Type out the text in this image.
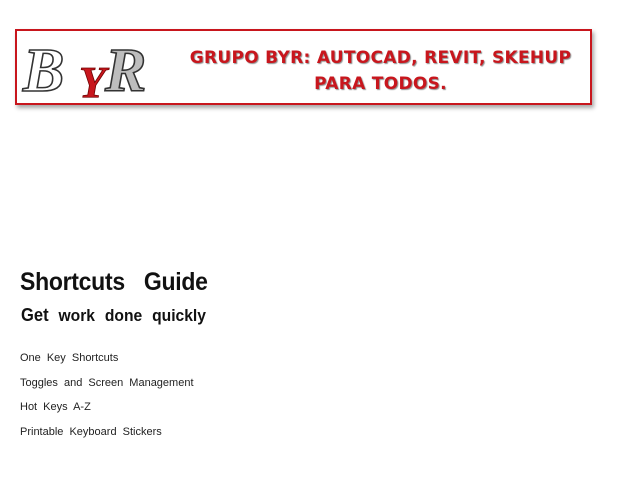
B Y R	GRUPO BYR: AUTOCAD, REVIT, SKEHUP
PARA TODOS.
Shortcuts Guide

Get work done quickly

One Key Shortcuts
Toggles and Screen Management
Hot Keys A-Z
Printable Keyboard Stickers
